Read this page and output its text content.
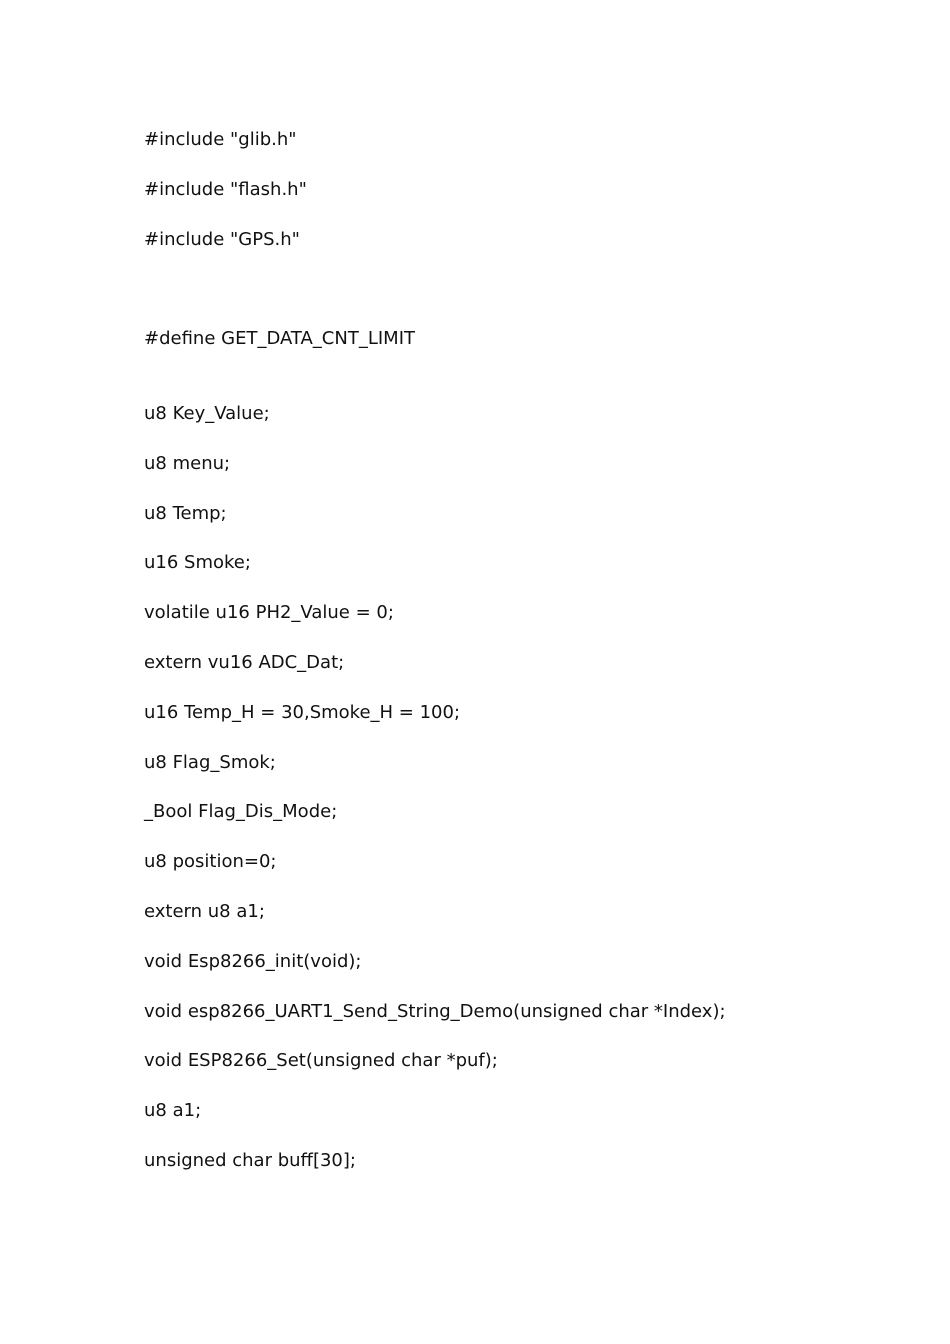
#include "glib.h"

#include "flash.h"

#include "GPS.h"

#define GET_DATA_CNT_LIMIT

u8 Key_Value;

u8 menu;

u8 Temp;

u16 Smoke;

volatile u16 PH2_Value = 0;

extern vu16 ADC_Dat;

u16 Temp_H = 30,Smoke_H = 100;

u8 Flag_Smok;

_Bool Flag_Dis_Mode;

u8 position=0;

extern u8 a1;

void Esp8266_init(void);

void esp8266_UART1_Send_String_Demo(unsigned char *Index);

void ESP8266_Set(unsigned char *puf);

u8 a1;

unsigned char buff[30];
